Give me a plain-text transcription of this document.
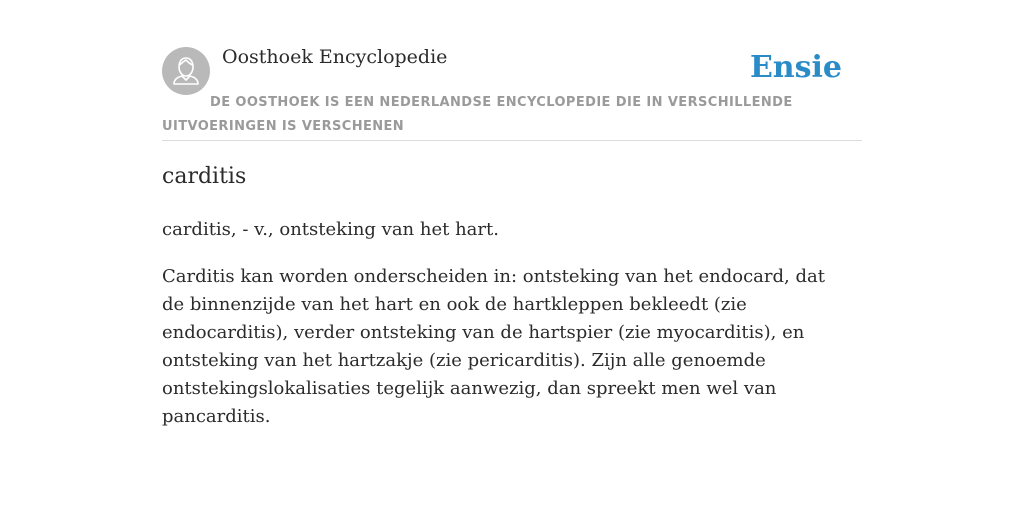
Oosthoek Encyclopedie	Ensie
DE OOSTHOEK IS EEN NEDERLANDSE ENCYCLOPEDIE DIE IN VERSCHILLENDE UITVOERINGEN IS VERSCHENEN
carditis

carditis, - v., ontsteking van het hart.

Carditis kan worden onderscheiden in: ontsteking van het endocard, dat de binnenzijde van het hart en ook de hartkleppen bekleedt (zie endocarditis), verder ontsteking van de hartspier (zie myocarditis), en ontsteking van het hartzakje (zie pericarditis). Zijn alle genoemde ontstekingslokalisaties tegelijk aanwezig, dan spreekt men wel van pancarditis.
